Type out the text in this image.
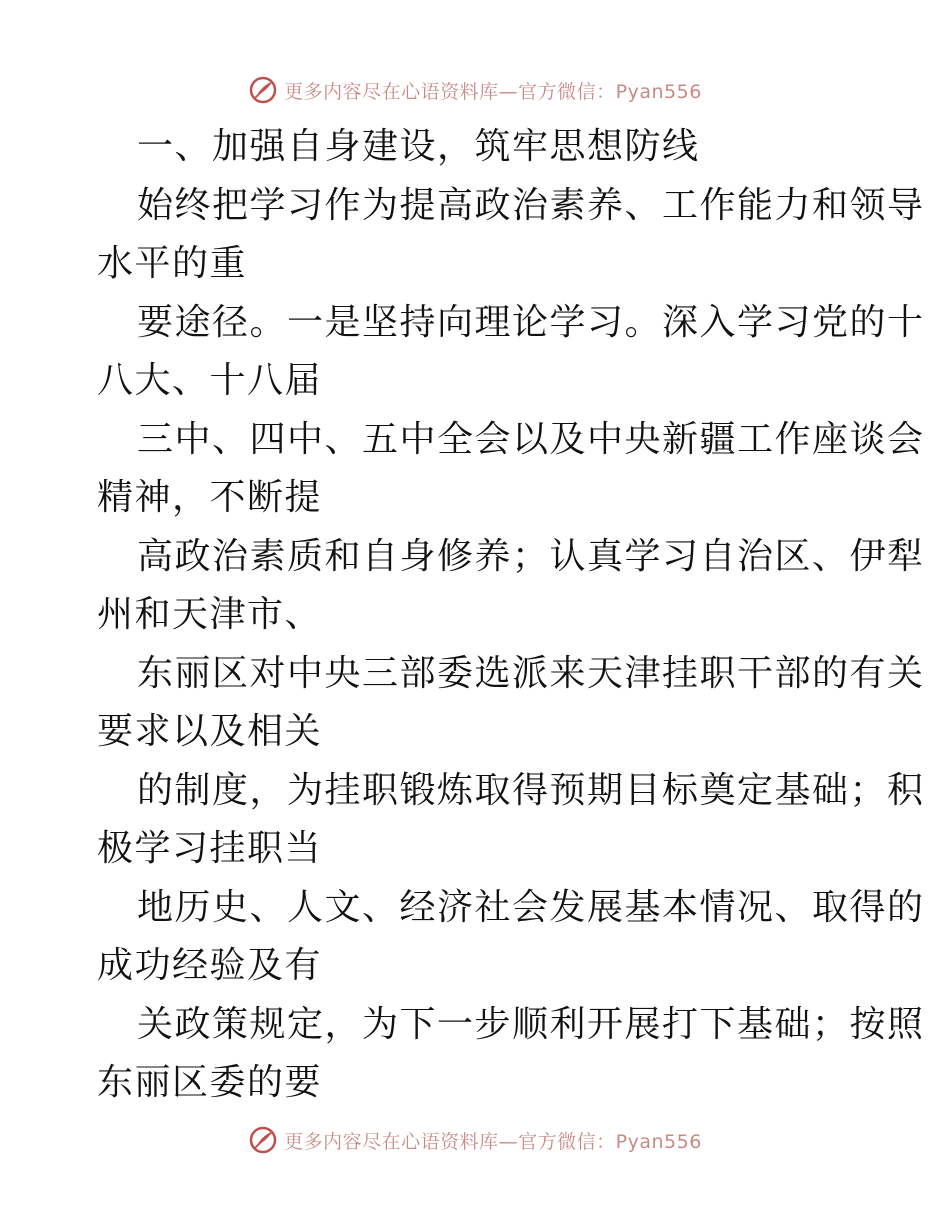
更多内容尽在心语资料库—官方微信：Pyan556
一、加强自身建设，筑牢思想防线
始终把学习作为提高政治素养、工作能力和领导
水平的重
要途径。一是坚持向理论学习。深入学习党的十
八大、十八届
三中、四中、五中全会以及中央新疆工作座谈会
精神，不断提
高政治素质和自身修养；认真学习自治区、伊犁
州和天津市、
东丽区对中央三部委选派来天津挂职干部的有关
要求以及相关
的制度，为挂职锻炼取得预期目标奠定基础；积
极学习挂职当
地历史、人文、经济社会发展基本情况、取得的
成功经验及有
关政策规定，为下一步顺利开展打下基础；按照
东丽区委的要
更多内容尽在心语资料库—官方微信：Pyan556
